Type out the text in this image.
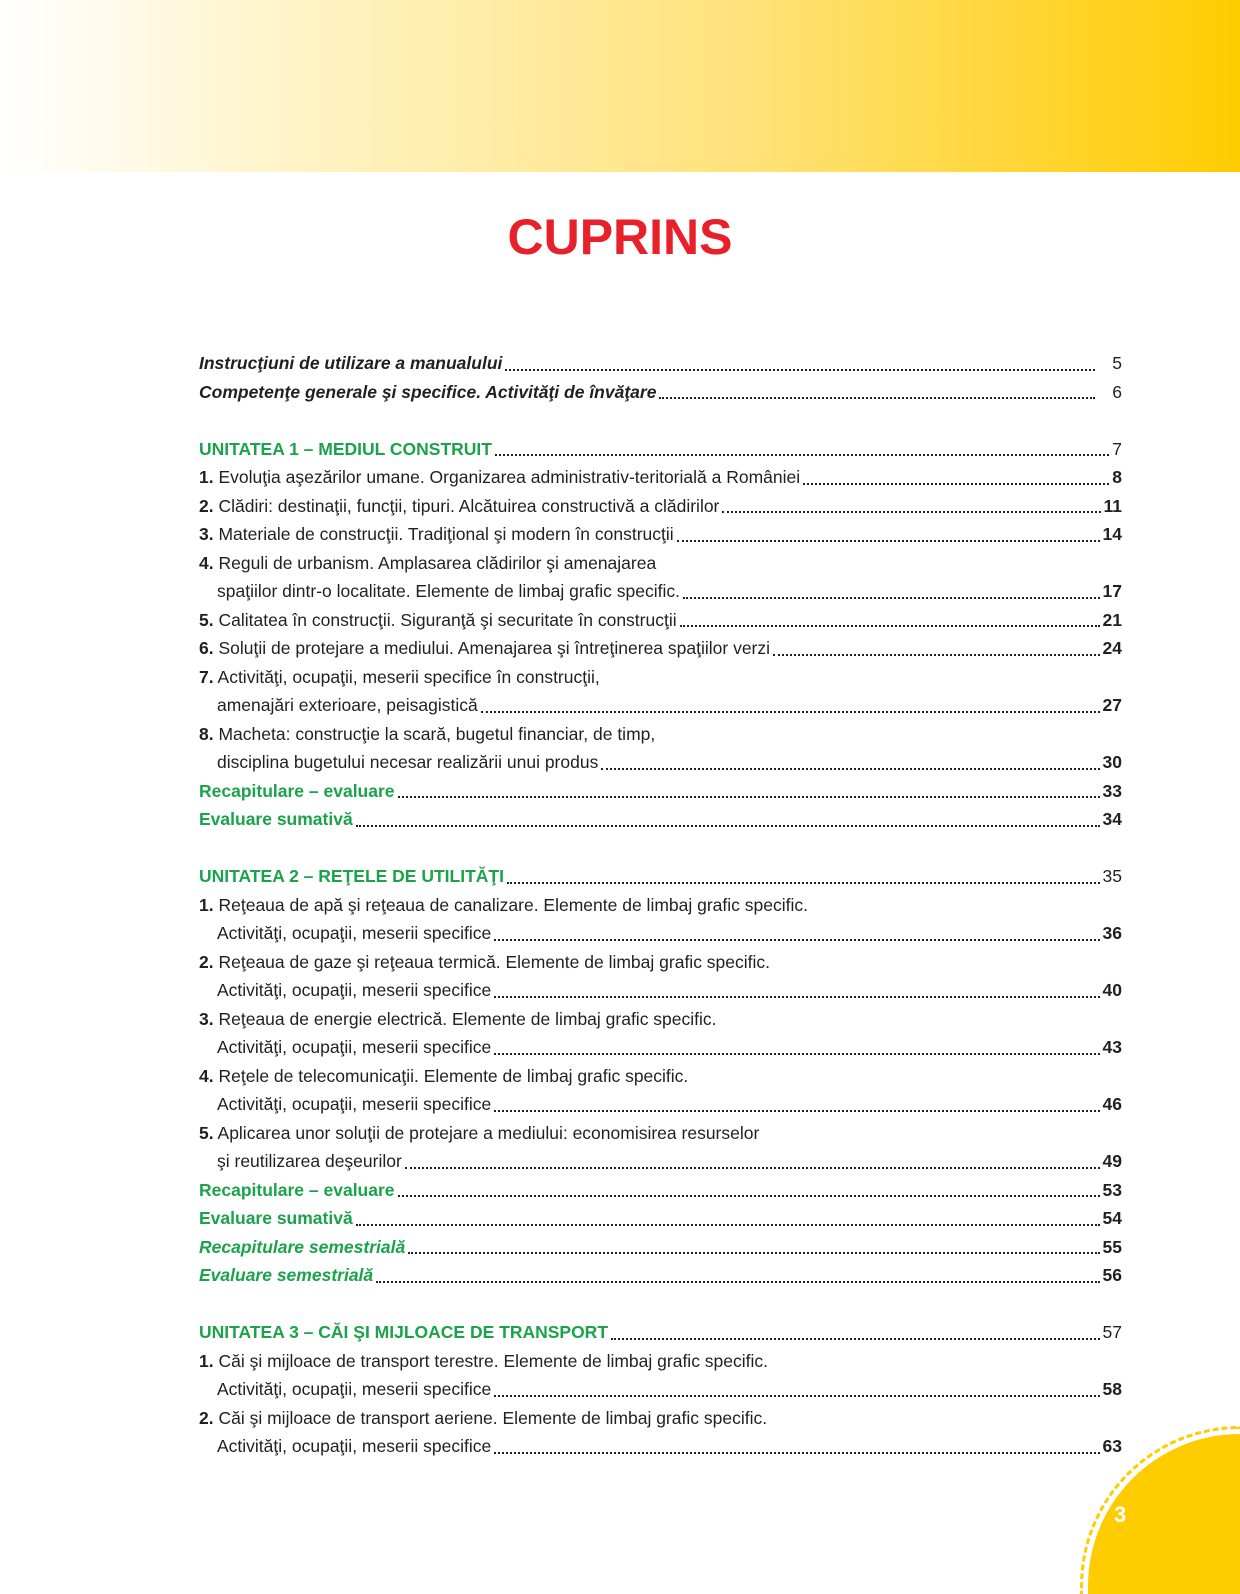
CUPRINS
Instrucţiuni de utilizare a manualului	5
Competenţe generale şi specifice. Activităţi de învăţare	6
UNITATEA 1 – MEDIUL CONSTRUIT	7
1. Evoluţia aşezărilor umane. Organizarea administrativ-teritorială a României	8
2. Clădiri: destinaţii, funcţii, tipuri. Alcătuirea constructivă a clădirilor	11
3. Materiale de construcţii. Tradiţional şi modern în construcţii	14
4. Reguli de urbanism. Amplasarea clădirilor şi amenajarea
spaţiilor dintr-o localitate. Elemente de limbaj grafic specific.	17
5. Calitatea în construcţii. Siguranţă şi securitate în construcţii	21
6. Soluţii de protejare a mediului. Amenajarea şi întreţinerea spaţiilor verzi	24
7. Activităţi, ocupaţii, meserii specifice în construcţii,
amenajări exterioare, peisagistică	27
8. Macheta: construcţie la scară, bugetul financiar, de timp,
disciplina bugetului necesar realizării unui produs	30
Recapitulare – evaluare	33
Evaluare sumativă	34
UNITATEA 2 – REŢELE DE UTILITĂŢI	35
1. Reţeaua de apă şi reţeaua de canalizare. Elemente de limbaj grafic specific.
Activităţi, ocupaţii, meserii specifice	36
2. Reţeaua de gaze şi reţeaua termică. Elemente de limbaj grafic specific.
Activităţi, ocupaţii, meserii specifice	40
3. Reţeaua de energie electrică. Elemente de limbaj grafic specific.
Activităţi, ocupaţii, meserii specifice	43
4. Reţele de telecomunicaţii. Elemente de limbaj grafic specific.
Activităţi, ocupaţii, meserii specifice	46
5. Aplicarea unor soluţii de protejare a mediului: economisirea resurselor
şi reutilizarea deşeurilor	49
Recapitulare – evaluare	53
Evaluare sumativă	54
Recapitulare semestrială	55
Evaluare semestrială	56
UNITATEA 3 – CĂI ŞI MIJLOACE DE TRANSPORT	57
1. Căi şi mijloace de transport terestre. Elemente de limbaj grafic specific.
Activităţi, ocupaţii, meserii specifice	58
2. Căi şi mijloace de transport aeriene. Elemente de limbaj grafic specific.
Activităţi, ocupaţii, meserii specifice	63
3
